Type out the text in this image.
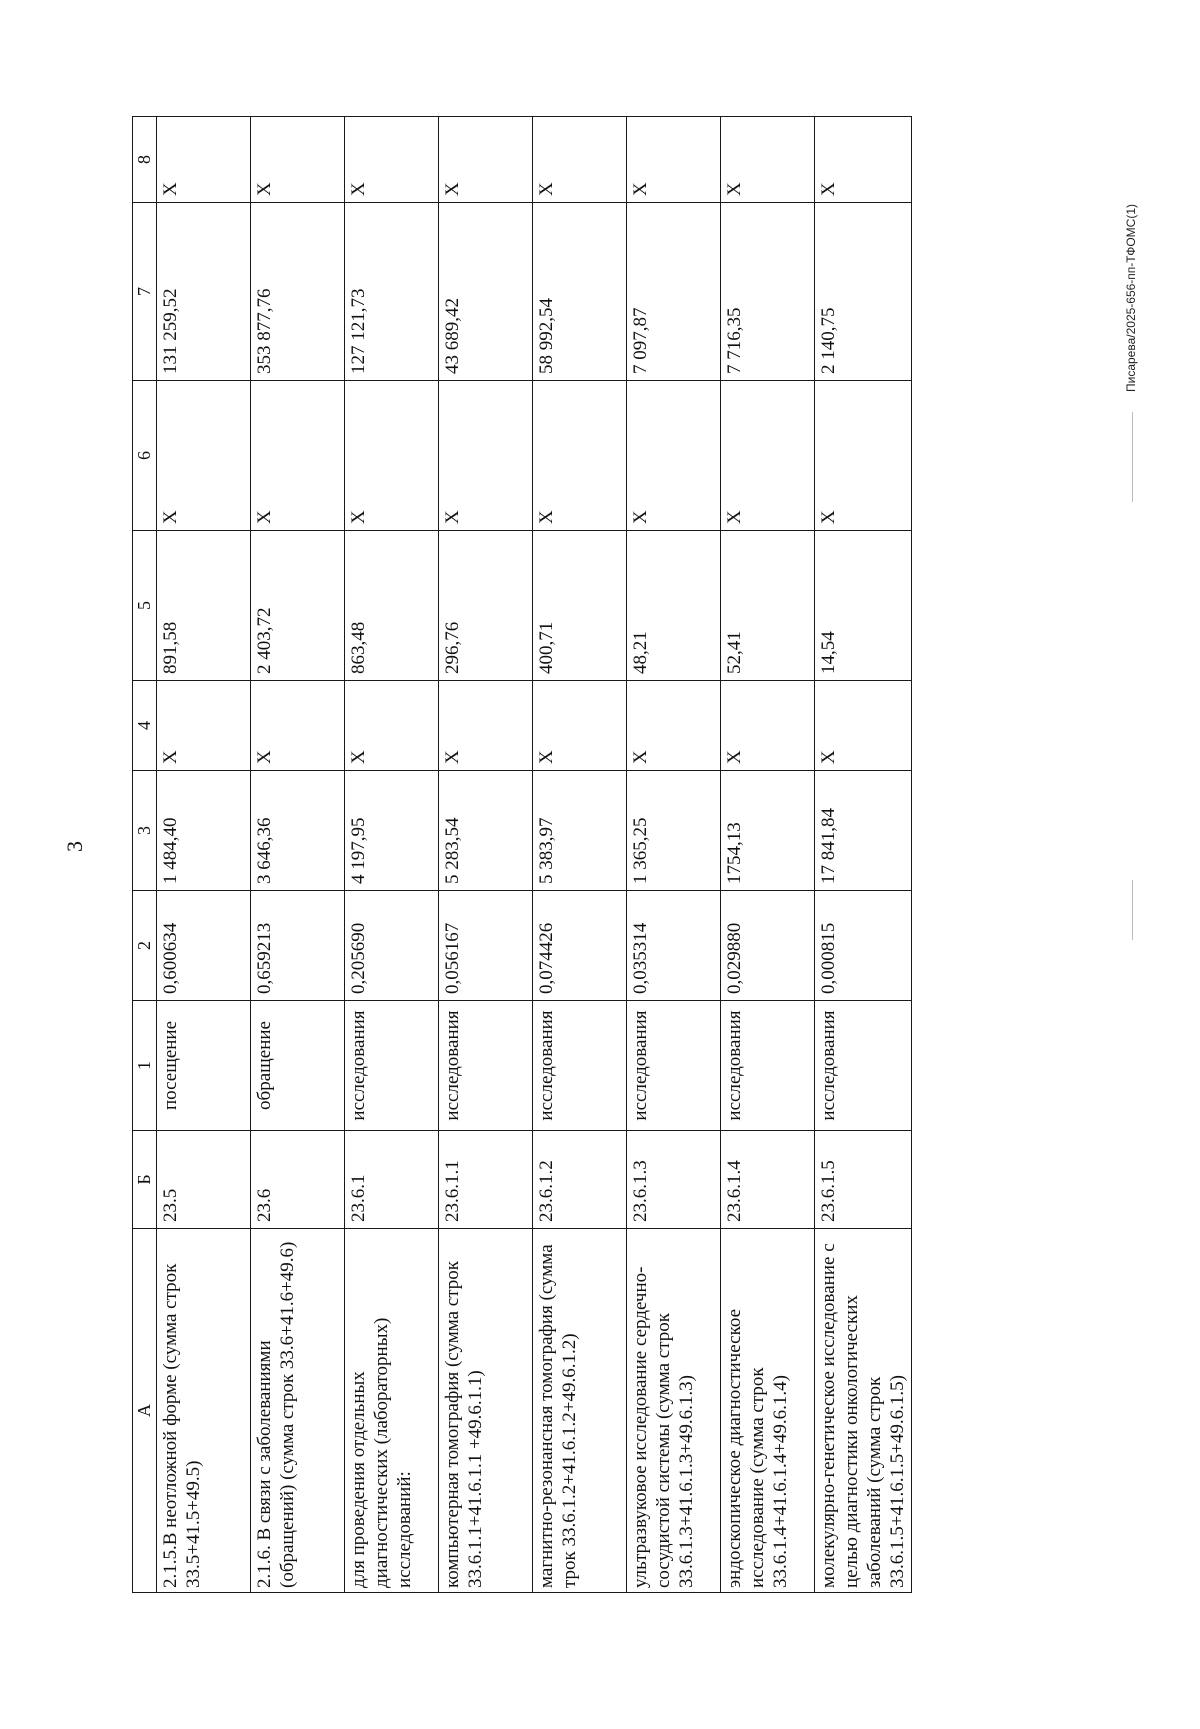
3
А	Б	1	2	3	4	5	6	7	8
2.1.5.В неотложной форме (сумма строк 33.5+41.5+49.5)	23.5	посещение	0,600634	1 484,40	Х	891,58	Х	131 259,52	Х
2.1.6. В связи с заболеваниями (обращений) (сумма строк 33.6+41.6+49.6)	23.6	обращение	0,659213	3 646,36	Х	2 403,72	Х	353 877,76	Х
для проведения отдельных диагностических (лабораторных) исследований:	23.6.1	исследования	0,205690	4 197,95	Х	863,48	Х	127 121,73	Х
компьютерная томография (сумма строк 33.6.1.1+41.6.1.1 +49.6.1.1)	23.6.1.1	исследования	0,056167	5 283,54	Х	296,76	Х	43 689,42	Х
магнитно-резонансная томография (сумма трок 33.6.1.2+41.6.1.2+49.6.1.2)	23.6.1.2	исследования	0,074426	5 383,97	Х	400,71	Х	58 992,54	Х
ультразвуковое исследование сердечно-сосудистой системы (сумма строк 33.6.1.3+41.6.1.3+49.6.1.3)	23.6.1.3	исследования	0,035314	1 365,25	Х	48,21	Х	7 097,87	Х
эндоскопическое диагностическое исследование (сумма строк 33.6.1.4+41.6.1.4+49.6.1.4)	23.6.1.4	исследования	0,029880	1754,13	Х	52,41	Х	7 716,35	Х
молекулярно-генетическое исследование с целью диагностики онкологических заболеваний (сумма строк 33.6.1.5+41.6.1.5+49.6.1.5)	23.6.1.5	исследования	0,000815	17 841,84	Х	14,54	Х	2 140,75	Х
Писарева/2025-656-пп-ТФОМС(1)
